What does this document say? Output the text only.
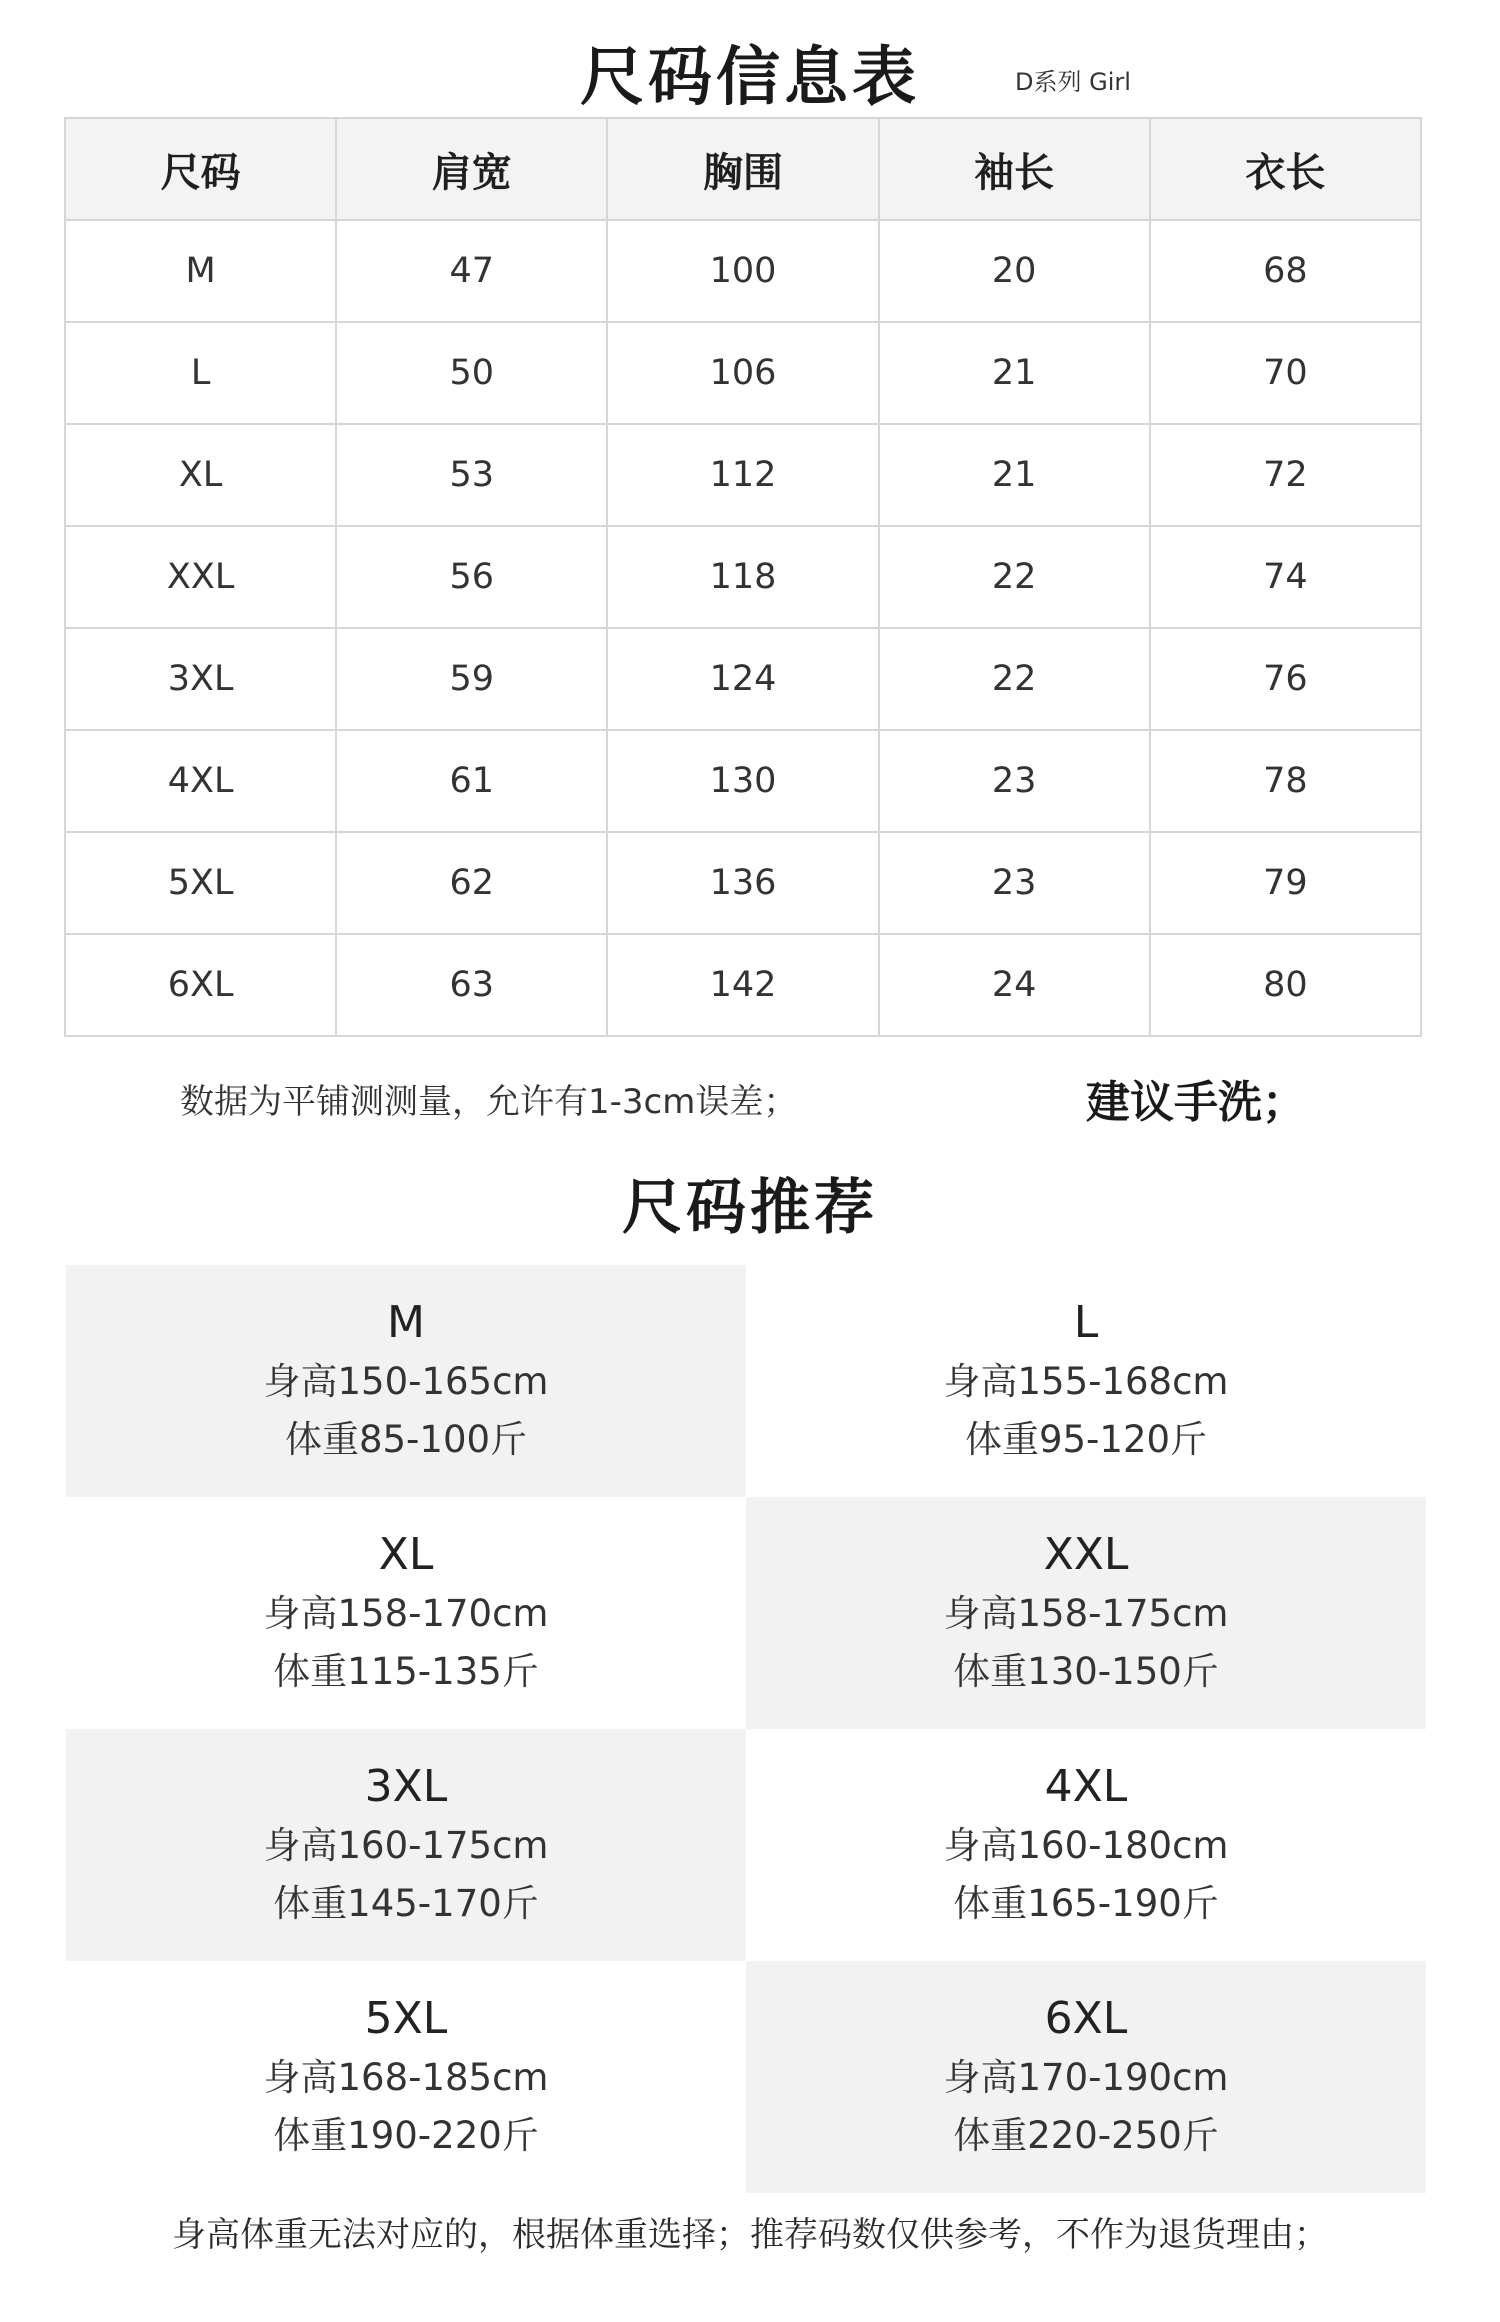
尺码信息表	D系列 Girl
尺码	肩宽	胸围	袖长	衣长
M	47	100	20	68
L	50	106	21	70
XL	53	112	21	72
XXL	56	118	22	74
3XL	59	124	22	76
4XL	61	130	23	78
5XL	62	136	23	79
6XL	63	142	24	80
数据为平铺测测量，允许有1-3cm误差；	建议手洗；
尺码推荐
M
身高150-165cm
体重85-100斤
L
身高155-168cm
体重95-120斤
XL
身高158-170cm
体重115-135斤
XXL
身高158-175cm
体重130-150斤
3XL
身高160-175cm
体重145-170斤
4XL
身高160-180cm
体重165-190斤
5XL
身高168-185cm
体重190-220斤
6XL
身高170-190cm
体重220-250斤
身高体重无法对应的，根据体重选择；推荐码数仅供参考，不作为退货理由；
